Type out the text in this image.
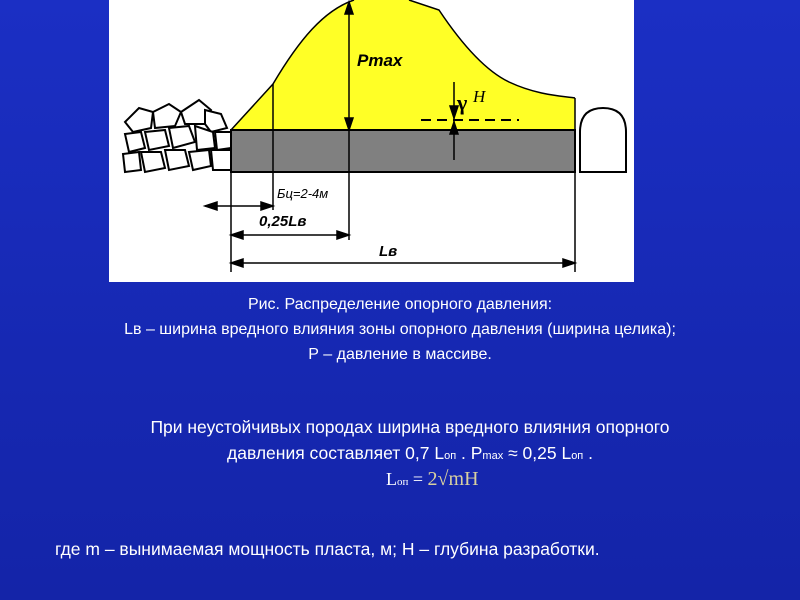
Pmax
γ H
Бц=2-4м
0,25Lв
Lв
Рис. Распределение опорного давления:
Lв – ширина вредного влияния зоны опорного давления (ширина целика);
Р – давление в массиве.
При неустойчивых породах ширина вредного влияния опорного
давления составляет 0,7 Lоп . Pmax ≈ 0,25 Lоп .
Lоп = 2√mH
где m – вынимаемая мощность пласта, м; H – глубина разработки.
